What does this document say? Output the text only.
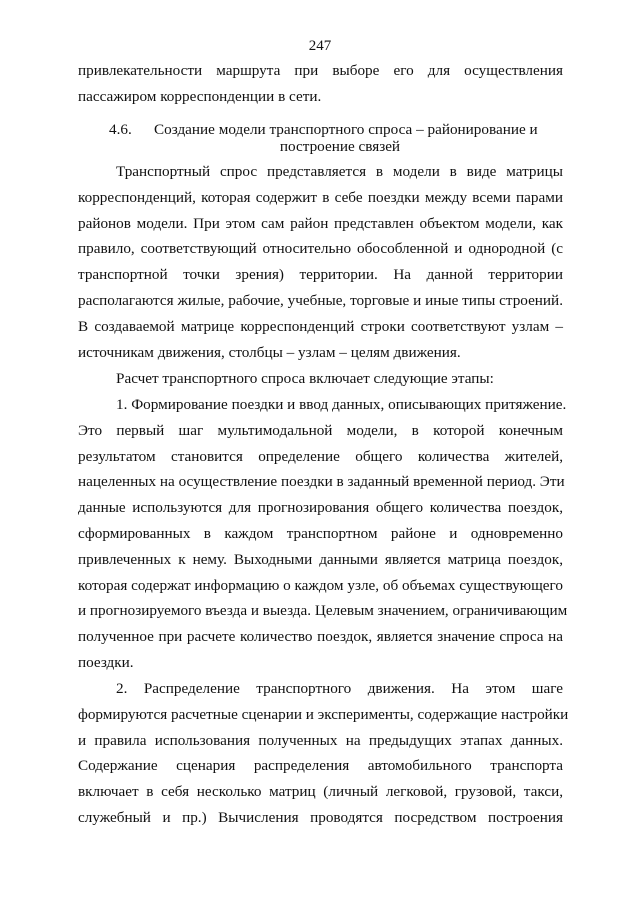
247
привлекательности маршрута при выборе его для осуществления
пассажиром корреспонденции в сети.
4.6. Создание модели транспортного спроса – районирование и
построение связей
Транспортный спрос представляется в модели в виде матрицы
корреспонденций, которая содержит в себе поездки между всеми парами
районов модели. При этом сам район представлен объектом модели, как
правило, соответствующий относительно обособленной и однородной (с
транспортной точки зрения) территории. На данной территории
располагаются жилые, рабочие, учебные, торговые и иные типы строений.
В создаваемой матрице корреспонденций строки соответствуют узлам –
источникам движения, столбцы – узлам – целям движения.
Расчет транспортного спроса включает следующие этапы:
1. Формирование поездки и ввод данных, описывающих притяжение.
Это первый шаг мультимодальной модели, в которой конечным
результатом становится определение общего количества жителей,
нацеленных на осуществление поездки в заданный временной период. Эти
данные используются для прогнозирования общего количества поездок,
сформированных в каждом транспортном районе и одновременно
привлеченных к нему. Выходными данными является матрица поездок,
которая содержат информацию о каждом узле, об объемах существующего
и прогнозируемого въезда и выезда. Целевым значением, ограничивающим
полученное при расчете количество поездок, является значение спроса на
поездки.
2. Распределение транспортного движения. На этом шаге
формируются расчетные сценарии и эксперименты, содержащие настройки
и правила использования полученных на предыдущих этапах данных.
Содержание сценария распределения автомобильного транспорта
включает в себя несколько матриц (личный легковой, грузовой, такси,
служебный и пр.) Вычисления проводятся посредством построения
